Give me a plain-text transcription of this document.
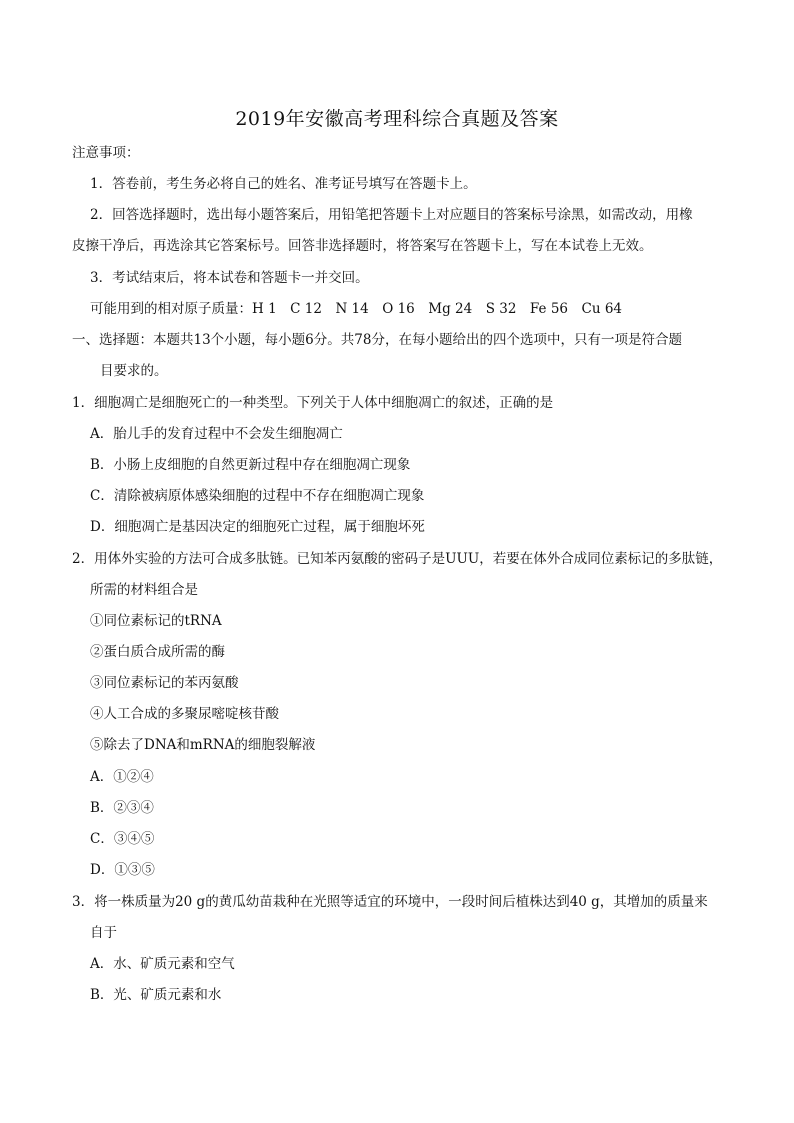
2019年安徽高考理科综合真题及答案
注意事项：
1．答卷前，考生务必将自己的姓名、准考证号填写在答题卡上。
2．回答选择题时，选出每小题答案后，用铅笔把答题卡上对应题目的答案标号涂黑，如需改动，用橡
皮擦干净后，再选涂其它答案标号。回答非选择题时，将答案写在答题卡上，写在本试卷上无效。
3．考试结束后，将本试卷和答题卡一并交回。
可能用到的相对原子质量：H 1　C 12　N 14　O 16　Mg 24　S 32　Fe 56　Cu 64
一、选择题：本题共13个小题，每小题6分。共78分，在每小题给出的四个选项中，只有一项是符合题
目要求的。
1．细胞凋亡是细胞死亡的一种类型。下列关于人体中细胞凋亡的叙述，正确的是
A．胎儿手的发育过程中不会发生细胞凋亡
B．小肠上皮细胞的自然更新过程中存在细胞凋亡现象
C．清除被病原体感染细胞的过程中不存在细胞凋亡现象
D．细胞凋亡是基因决定的细胞死亡过程，属于细胞坏死
2．用体外实验的方法可合成多肽链。已知苯丙氨酸的密码子是UUU，若要在体外合成同位素标记的多肽链，
所需的材料组合是
①同位素标记的tRNA
②蛋白质合成所需的酶
③同位素标记的苯丙氨酸
④人工合成的多聚尿嘧啶核苷酸
⑤除去了DNA和mRNA的细胞裂解液
A．①②④
B．②③④
C．③④⑤
D．①③⑤
3．将一株质量为20 g的黄瓜幼苗栽种在光照等适宜的环境中，一段时间后植株达到40 g，其增加的质量来
自于
A．水、矿质元素和空气
B．光、矿质元素和水
